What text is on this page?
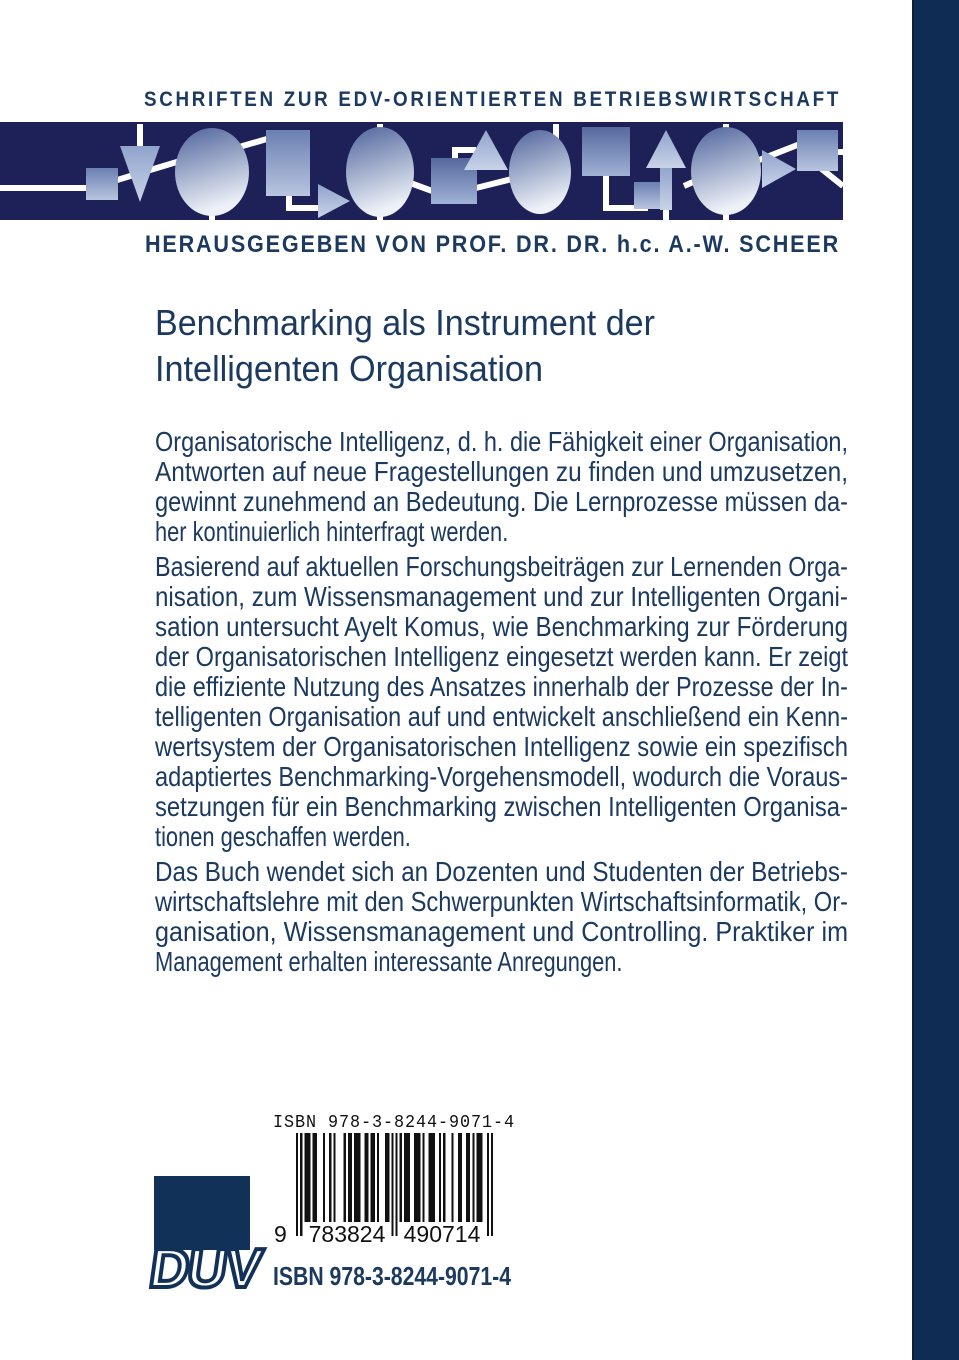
SCHRIFTEN ZUR EDV-ORIENTIERTEN BETRIEBSWIRTSCHAFT
HERAUSGEGEBEN VON PROF. DR. DR. h.c. A.-W. SCHEER
Benchmarking als Instrument der
Intelligenten Organisation
Organisatorische Intelligenz, d. h. die Fähigkeit einer Organisation,
Antworten auf neue Fragestellungen zu finden und umzusetzen,
gewinnt zunehmend an Bedeutung. Die Lernprozesse müssen da-
her kontinuierlich hinterfragt werden.
Basierend auf aktuellen Forschungsbeiträgen zur Lernenden Orga-
nisation, zum Wissensmanagement und zur Intelligenten Organi-
sation untersucht Ayelt Komus, wie Benchmarking zur Förderung
der Organisatorischen Intelligenz eingesetzt werden kann. Er zeigt
die effiziente Nutzung des Ansatzes innerhalb der Prozesse der In-
telligenten Organisation auf und entwickelt anschließend ein Kenn-
wertsystem der Organisatorischen Intelligenz sowie ein spezifisch
adaptiertes Benchmarking-Vorgehensmodell, wodurch die Voraus-
setzungen für ein Benchmarking zwischen Intelligenten Organisa-
tionen geschaffen werden.
Das Buch wendet sich an Dozenten und Studenten der Betriebs-
wirtschaftslehre mit den Schwerpunkten Wirtschaftsinformatik, Or-
ganisation, Wissensmanagement und Controlling. Praktiker im
Management erhalten interessante Anregungen.
ISBN 978-3-8244-9071-4
9 783824 490714
ISBN 978-3-8244-9071-4
DUV
